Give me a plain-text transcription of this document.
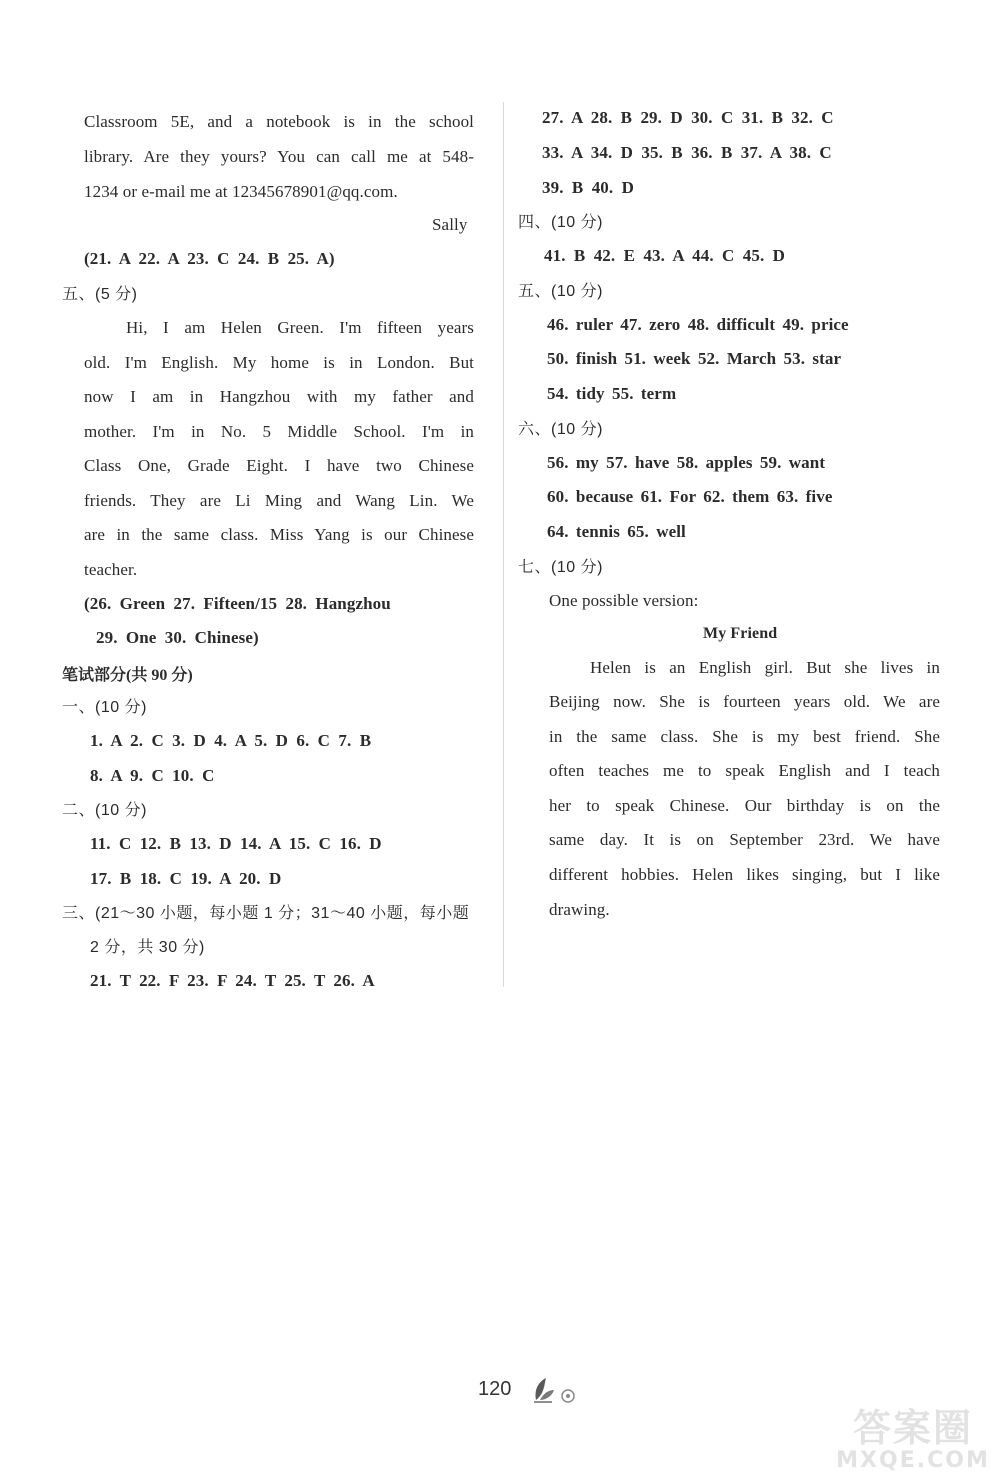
Classroom 5E, and a notebook is in the school
library. Are they yours? You can call me at 548-
1234 or e-mail me at 12345678901@qq.com.
Sally
(21. A 22. A 23. C 24. B 25. A)
五、(5 分)
Hi, I am Helen Green. I'm fifteen years
old. I'm English. My home is in London. But
now I am in Hangzhou with my father and
mother. I'm in No. 5 Middle School. I'm in
Class One, Grade Eight. I have two Chinese
friends. They are Li Ming and Wang Lin. We
are in the same class. Miss Yang is our Chinese
teacher.
(26. Green 27. Fifteen/15 28. Hangzhou
29. One 30. Chinese)
笔试部分(共 90 分)
一、(10 分)
1. A 2. C 3. D 4. A 5. D 6. C 7. B
8. A 9. C 10. C
二、(10 分)
11. C 12. B 13. D 14. A 15. C 16. D
17. B 18. C 19. A 20. D
三、(21～30 小题，每小题 1 分；31～40 小题，每小题
2 分，共 30 分)
21. T 22. F 23. F 24. T 25. T 26. A
27. A 28. B 29. D 30. C 31. B 32. C
33. A 34. D 35. B 36. B 37. A 38. C
39. B 40. D
四、(10 分)
41. B 42. E 43. A 44. C 45. D
五、(10 分)
46. ruler 47. zero 48. difficult 49. price
50. finish 51. week 52. March 53. star
54. tidy 55. term
六、(10 分)
56. my 57. have 58. apples 59. want
60. because 61. For 62. them 63. five
64. tennis 65. well
七、(10 分)
One possible version:
My Friend
Helen is an English girl. But she lives in
Beijing now. She is fourteen years old. We are
in the same class. She is my best friend. She
often teaches me to speak English and I teach
her to speak Chinese. Our birthday is on the
same day. It is on September 23rd. We have
different hobbies. Helen likes singing, but I like
drawing.
120
答案圈
MXQE.COM
